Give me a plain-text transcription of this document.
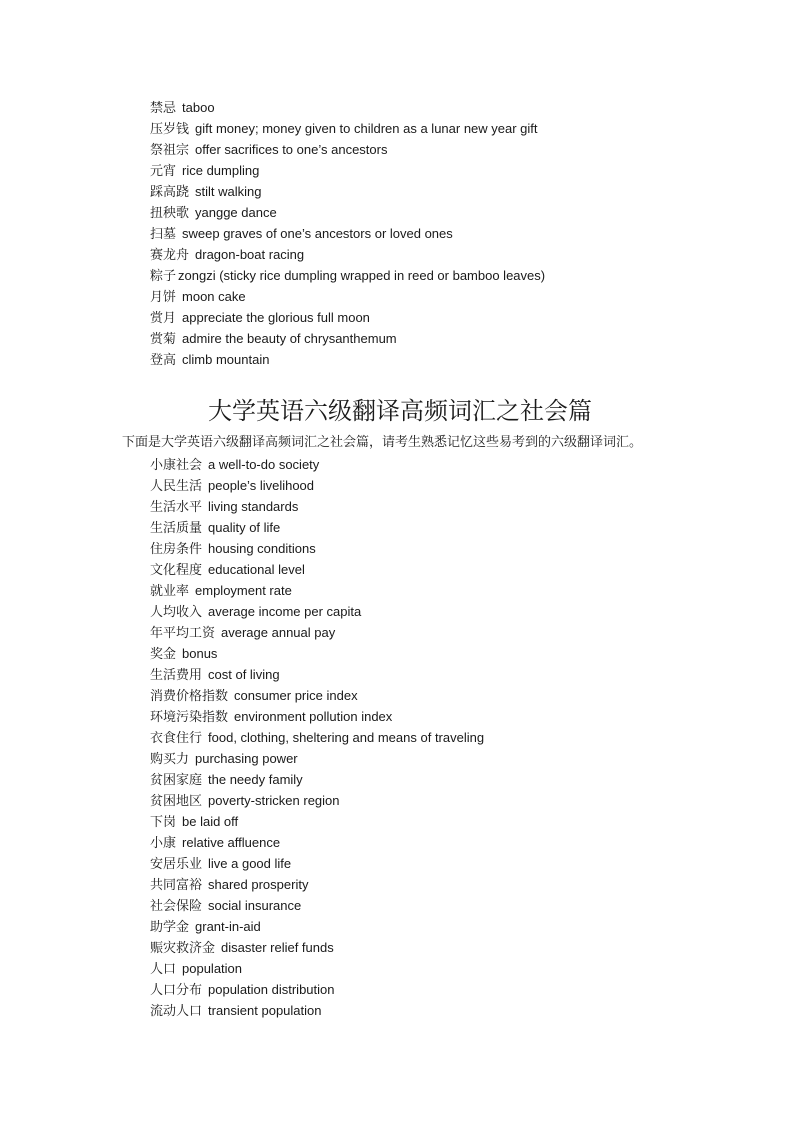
禁忌 taboo
压岁钱 gift money; money given to children as a lunar new year gift
祭祖宗 offer sacrifices to one’s ancestors
元宵 rice dumpling
踩高跷 stilt walking
扭秧歌 yangge dance
扫墓 sweep graves of one’s ancestors or loved ones
赛龙舟 dragon-boat racing
粽子 zongzi (sticky rice dumpling wrapped in reed or bamboo leaves)
月饼 moon cake
赏月 appreciate the glorious full moon
赏菊 admire the beauty of chrysanthemum
登高 climb mountain
大学英语六级翻译高频词汇之社会篇

下面是大学英语六级翻译高频词汇之社会篇，请考生熟悉记忆这些易考到的六级翻译词汇。

小康社会 a well-to-do society
人民生活 people’s livelihood
生活水平 living standards
生活质量 quality of life
住房条件 housing conditions
文化程度 educational level
就业率 employment rate
人均收入 average income per capita
年平均工资 average annual pay
奖金 bonus
生活费用 cost of living
消费价格指数 consumer price index
环境污染指数 environment pollution index
衣食住行 food, clothing, sheltering and means of traveling
购买力 purchasing power
贫困家庭 the needy family
贫困地区 poverty-stricken region
下岗 be laid off
小康 relative affluence
安居乐业 live a good life
共同富裕 shared prosperity
社会保险 social insurance
助学金 grant-in-aid
赈灾救济金 disaster relief funds
人口 population
人口分布 population distribution
流动人口 transient population
